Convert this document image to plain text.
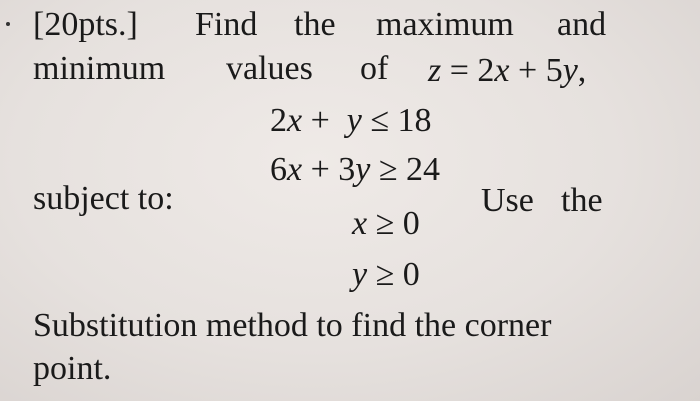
[20pts.] Find the maximum and
minimum values of z = 2x + 5y,
2x +  y ≤ 18
6x + 3y ≥ 24
subject to:	Use the
x ≥ 0
y ≥ 0
Substitution method to find the corner
point.
